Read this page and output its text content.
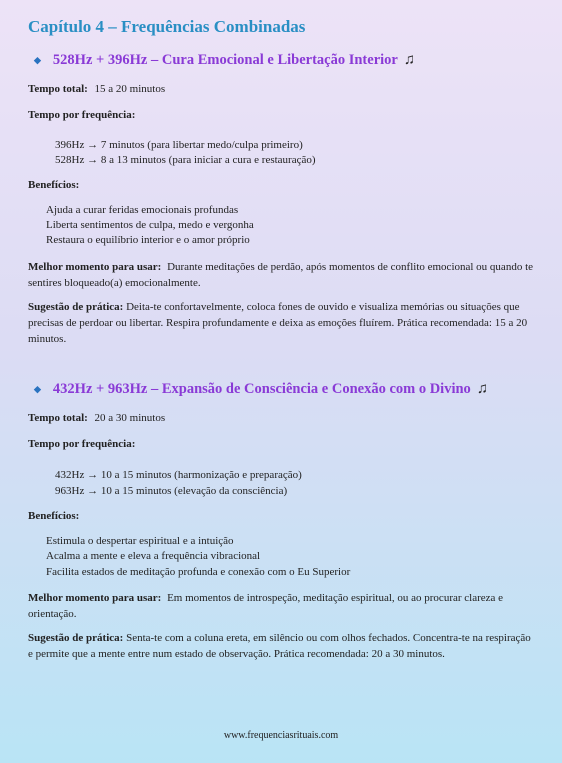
Capítulo 4 – Frequências Combinadas
◆ 528Hz + 396Hz – Cura Emocional e Libertação Interior ♫
Tempo total: 15 a 20 minutos
Tempo por frequência:
396Hz → 7 minutos (para libertar medo/culpa primeiro)
528Hz → 8 a 13 minutos (para iniciar a cura e restauração)
Benefícios:
Ajuda a curar feridas emocionais profundas
Liberta sentimentos de culpa, medo e vergonha
Restaura o equilíbrio interior e o amor próprio
Melhor momento para usar: Durante meditações de perdão, após momentos de conflito emocional ou quando te sentires bloqueado(a) emocionalmente.
Sugestão de prática: Deita-te confortavelmente, coloca fones de ouvido e visualiza memórias ou situações que precisas de perdoar ou libertar. Respira profundamente e deixa as emoções fluírem. Prática recomendada: 15 a 20 minutos.
◆ 432Hz + 963Hz – Expansão de Consciência e Conexão com o Divino ♫
Tempo total: 20 a 30 minutos
Tempo por frequência:
432Hz → 10 a 15 minutos (harmonização e preparação)
963Hz → 10 a 15 minutos (elevação da consciência)
Benefícios:
Estimula o despertar espiritual e a intuição
Acalma a mente e eleva a frequência vibracional
Facilita estados de meditação profunda e conexão com o Eu Superior
Melhor momento para usar: Em momentos de introspeção, meditação espiritual, ou ao procurar clareza e orientação.
Sugestão de prática: Senta-te com a coluna ereta, em silêncio ou com olhos fechados. Concentra-te na respiração e permite que a mente entre num estado de observação. Prática recomendada: 20 a 30 minutos.
www.frequenciasrituais.com
